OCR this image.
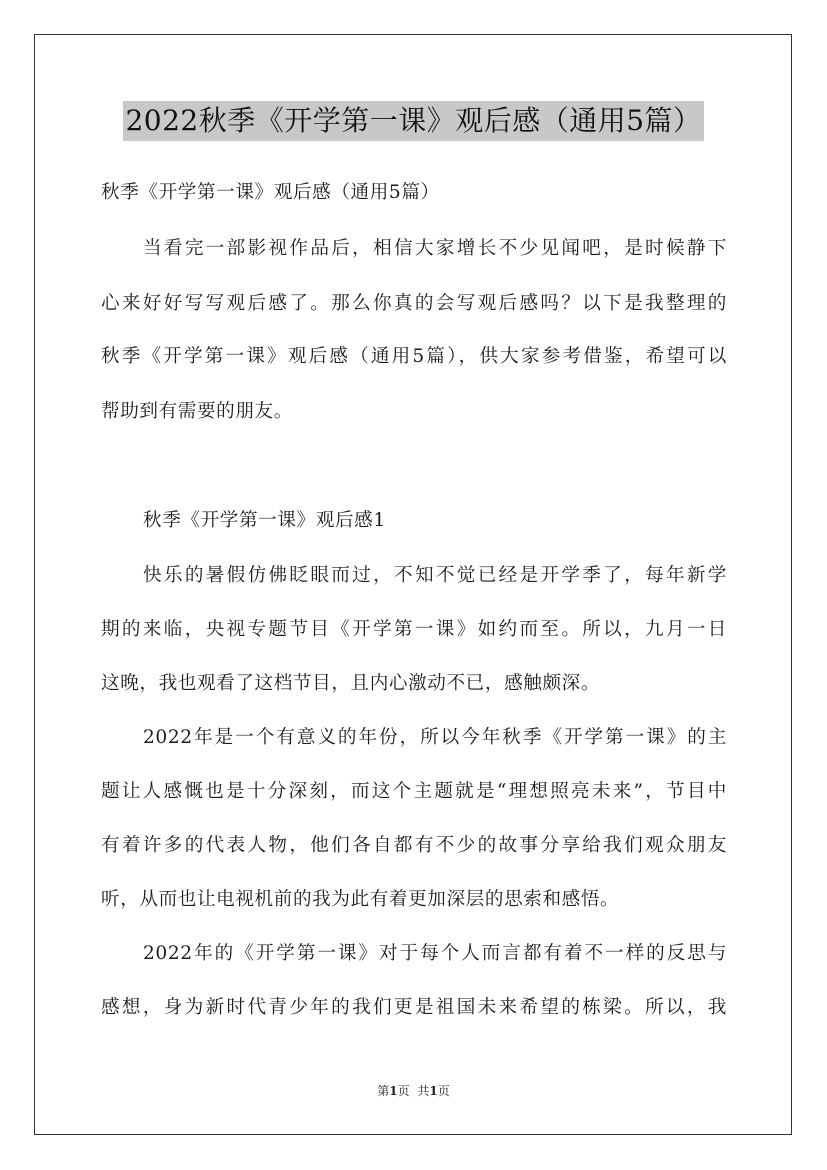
2022秋季《开学第一课》观后感（通用5篇）
秋季《开学第一课》观后感（通用5篇）
当看完一部影视作品后，相信大家增长不少见闻吧，是时候静下
心来好好写写观后感了。那么你真的会写观后感吗？以下是我整理的
秋季《开学第一课》观后感（通用5篇），供大家参考借鉴，希望可以
帮助到有需要的朋友。
秋季《开学第一课》观后感1
快乐的暑假仿佛眨眼而过，不知不觉已经是开学季了，每年新学
期的来临，央视专题节目《开学第一课》如约而至。所以，九月一日
这晚，我也观看了这档节目，且内心激动不已，感触颇深。
2022年是一个有意义的年份，所以今年秋季《开学第一课》的主
题让人感慨也是十分深刻，而这个主题就是“理想照亮未来”，节目中
有着许多的代表人物，他们各自都有不少的故事分享给我们观众朋友
听，从而也让电视机前的我为此有着更加深层的思索和感悟。
2022年的《开学第一课》对于每个人而言都有着不一样的反思与
感想，身为新时代青少年的我们更是祖国未来希望的栋梁。所以，我
第1页 共1页
